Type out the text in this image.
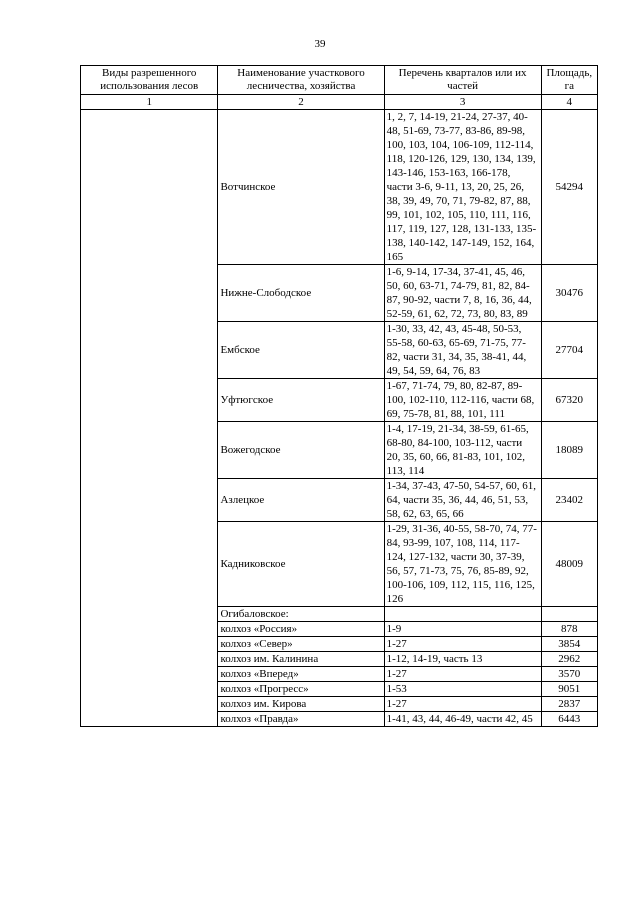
39
Виды разрешенного использования лесов	Наименование участкового лесничества, хозяйства	Перечень кварталов или их частей	Площадь, га
1	2	3	4
	Вотчинское	1, 2, 7, 14-19, 21-24, 27-37, 40-48, 51-69, 73-77, 83-86, 89-98, 100, 103, 104, 106-109, 112-114, 118, 120-126, 129, 130, 134, 139, 143-146, 153-163, 166-178, части 3-6, 9-11, 13, 20, 25, 26, 38, 39, 49, 70, 71, 79-82, 87, 88, 99, 101, 102, 105, 110, 111, 116, 117, 119, 127, 128, 131-133, 135-138, 140-142, 147-149, 152, 164, 165	54294
	Нижне-Слободское	1-6, 9-14, 17-34, 37-41, 45, 46, 50, 60, 63-71, 74-79, 81, 82, 84-87, 90-92, части 7, 8, 16, 36, 44, 52-59, 61, 62, 72, 73, 80, 83, 89	30476
	Ембское	1-30, 33, 42, 43, 45-48, 50-53, 55-58, 60-63, 65-69, 71-75, 77-82, части 31, 34, 35, 38-41, 44, 49, 54, 59, 64, 76, 83	27704
	Уфтюгское	1-67, 71-74, 79, 80, 82-87, 89-100, 102-110, 112-116, части 68, 69, 75-78, 81, 88, 101, 111	67320
	Вожегодское	1-4, 17-19, 21-34, 38-59, 61-65, 68-80, 84-100, 103-112, части 20, 35, 60, 66, 81-83, 101, 102, 113, 114	18089
	Азлецкое	1-34, 37-43, 47-50, 54-57, 60, 61, 64, части 35, 36, 44, 46, 51, 53, 58, 62, 63, 65, 66	23402
	Кадниковское	1-29, 31-36, 40-55, 58-70, 74, 77-84, 93-99, 107, 108, 114, 117-124, 127-132, части 30, 37-39, 56, 57, 71-73, 75, 76, 85-89, 92, 100-106, 109, 112, 115, 116, 125, 126	48009
	Огибаловское:		
	колхоз «Россия»	1-9	878
	колхоз «Север»	1-27	3854
	колхоз им. Калинина	1-12, 14-19, часть 13	2962
	колхоз «Вперед»	1-27	3570
	колхоз «Прогресс»	1-53	9051
	колхоз им. Кирова	1-27	2837
	колхоз «Правда»	1-41, 43, 44, 46-49, части 42, 45	6443
